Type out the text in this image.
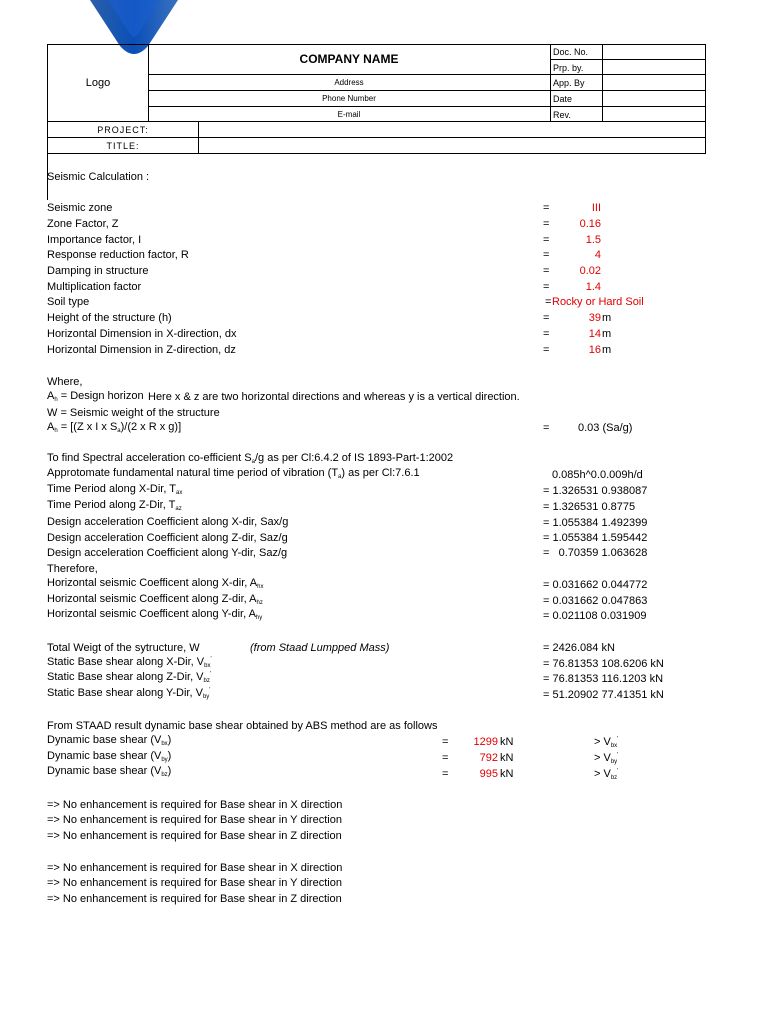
Logo
COMPANY NAME
Address
Phone Number
E-mail
Doc. No.
Prp. by.
App. By
Date
Rev.
PROJECT:
TITLE:
Seismic Calculation :
Seismic zone	=	III
Zone Factor, Z	=	0.16
Importance factor, I	=	1.5
Response reduction factor, R	=	4
Damping in structure	=	0.02
Multiplication factor	=	1.4
Soil type	= Rocky or Hard Soil
Height of the structure (h)	=	39 m
Horizontal Dimension in X-direction, dx	=	14 m
Horizontal Dimension in Z-direction, dz	=	16 m
Where,
$A_h$ = Design horizon Here x & z are two horizontal directions and whereas y is a vertical direction.
W = Seismic weight of the structure
$A_h = [(Z$ x I x $S_a)/(2$ x R x g)]	=	0.03 (Sa/g)
To find Spectral acceleration co-efficient $S_a/g$ as per Cl:6.4.2 of IS 1893-Part-1:2002
Approtomate fundamental natural time period of vibration $(T_a)$ as per Cl:7.6.1	0.085h^0.0.009h/d
Time Period along X-Dir, $T_{ax}$	= 1.326531 0.938087
Time Period along Z-Dir, $T_{az}$	= 1.326531 0.8775
Design acceleration Coefficient along X-dir, Sax/g	= 1.055384 1.492399
Design acceleration Coefficient along Z-dir, Saz/g	= 1.055384 1.595442
Design acceleration Coefficient along Y-dir, Saz/g	= 0.70359 1.063628
Therefore,
Horizontal seismic Coefficent along X-dir, $A_{hx}$	= 0.031662 0.044772
Horizontal seismic Coefficent along Z-dir, $A_{hz}$	= 0.031662 0.047863
Horizontal seismic Coefficent along Y-dir, $A_{hy}$	= 0.021108 0.031909
Total Weigt of the sytructure, W	(from Staad Lumpped Mass)	= 2426.084 kN
Static Base shear along X-Dir, $V_{bx}'$	= 76.81353 108.6206 kN
Static Base shear along Z-Dir, $V_{bz}'$	= 76.81353 116.1203 kN
Static Base shear along Y-Dir, $V_{by}'$	= 51.20902 77.41351 kN
From STAAD result dynamic base shear obtained by ABS method are as follows
Dynamic base shear $(V_{bx})$	=	1299 kN	> $V_{bx}'$
Dynamic base shear $(V_{by})$	=	792 kN	> $V_{by}'$
Dynamic base shear $(V_{bz})$	=	995 kN	> $V_{bz}'$
=> No enhancement is required for Base shear in X direction
=> No enhancement is required for Base shear in Y direction
=> No enhancement is required for Base shear in Z direction
=> No enhancement is required for Base shear in X direction
=> No enhancement is required for Base shear in Y direction
=> No enhancement is required for Base shear in Z direction
